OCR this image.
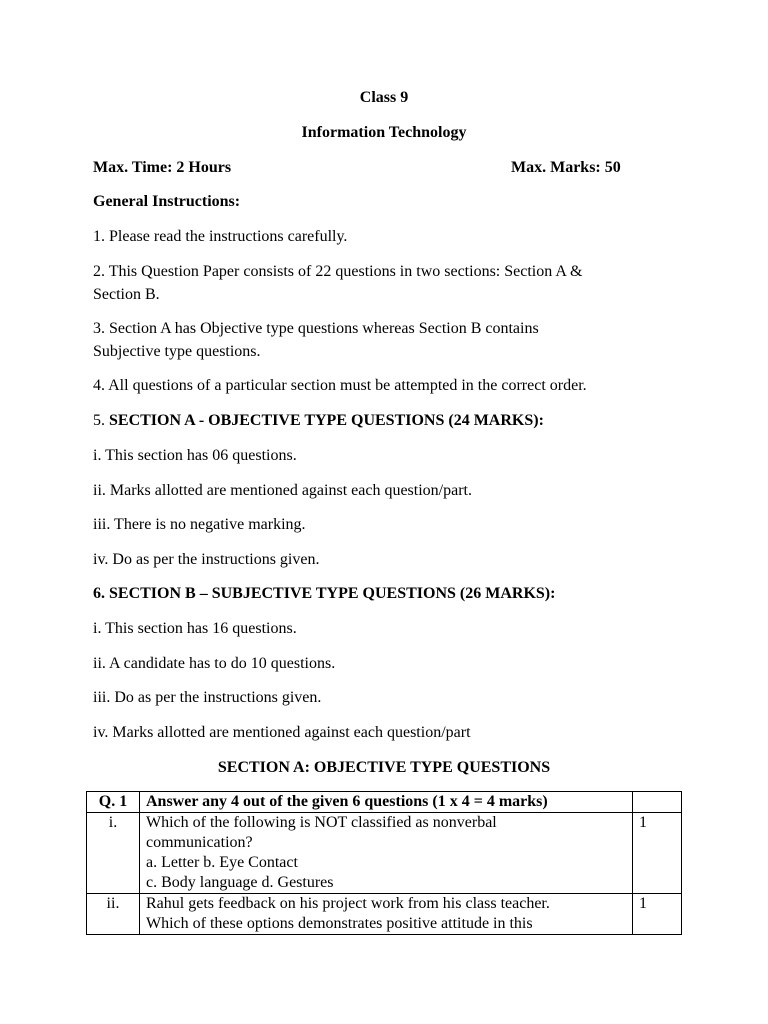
Class 9
Information Technology
Max. Time: 2 Hours	Max. Marks: 50
General Instructions:
1. Please read the instructions carefully.
2. This Question Paper consists of 22 questions in two sections: Section A &
Section B.
3. Section A has Objective type questions whereas Section B contains
Subjective type questions.
4. All questions of a particular section must be attempted in the correct order.
5. SECTION A - OBJECTIVE TYPE QUESTIONS (24 MARKS):
i. This section has 06 questions.
ii. Marks allotted are mentioned against each question/part.
iii. There is no negative marking.
iv. Do as per the instructions given.
6. SECTION B – SUBJECTIVE TYPE QUESTIONS (26 MARKS):
i. This section has 16 questions.
ii. A candidate has to do 10 questions.
iii. Do as per the instructions given.
iv. Marks allotted are mentioned against each question/part
SECTION A: OBJECTIVE TYPE QUESTIONS
Q. 1	Answer any 4 out of the given 6 questions (1 x 4 = 4 marks)	
i.	Which of the following is NOT classified as nonverbal
communication?
a. Letter b. Eye Contact
c. Body language d. Gestures	1
ii.	Rahul gets feedback on his project work from his class teacher.
Which of these options demonstrates positive attitude in this	1
